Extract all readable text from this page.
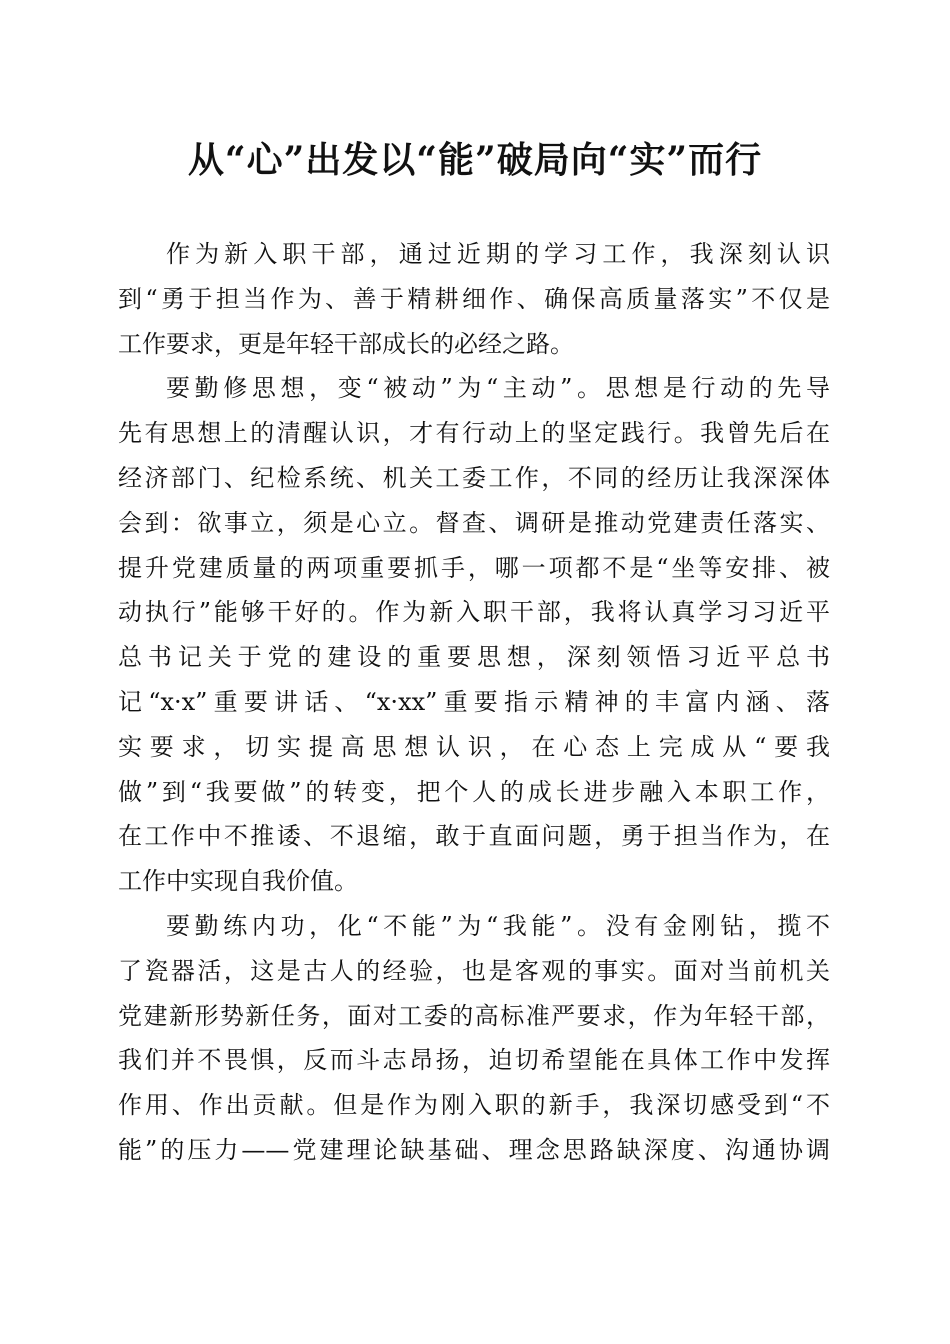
从“心”出发以“能”破局向“实”而行
作为新入职干部，通过近期的学习工作，我深刻认识
到“勇于担当作为、善于精耕细作、确保高质量落实”不仅是
工作要求，更是年轻干部成长的必经之路。
要勤修思想，变“被动”为“主动”。思想是行动的先导
先有思想上的清醒认识，才有行动上的坚定践行。我曾先后在
经济部门、纪检系统、机关工委工作，不同的经历让我深深体
会到：欲事立，须是心立。督查、调研是推动党建责任落实、
提升党建质量的两项重要抓手，哪一项都不是“坐等安排、被
动执行”能够干好的。作为新入职干部，我将认真学习习近平
总书记关于党的建设的重要思想，深刻领悟习近平总书
记“x·x”重要讲话、“x·xx”重要指示精神的丰富内涵、落
实要求，切实提高思想认识，在心态上完成从“要我
做”到“我要做”的转变，把个人的成长进步融入本职工作，
在工作中不推诿、不退缩，敢于直面问题，勇于担当作为，在
工作中实现自我价值。
要勤练内功，化“不能”为“我能”。没有金刚钻，揽不
了瓷器活，这是古人的经验，也是客观的事实。面对当前机关
党建新形势新任务，面对工委的高标准严要求，作为年轻干部，
我们并不畏惧，反而斗志昂扬，迫切希望能在具体工作中发挥
作用、作出贡献。但是作为刚入职的新手，我深切感受到“不
能”的压力——党建理论缺基础、理念思路缺深度、沟通协调
